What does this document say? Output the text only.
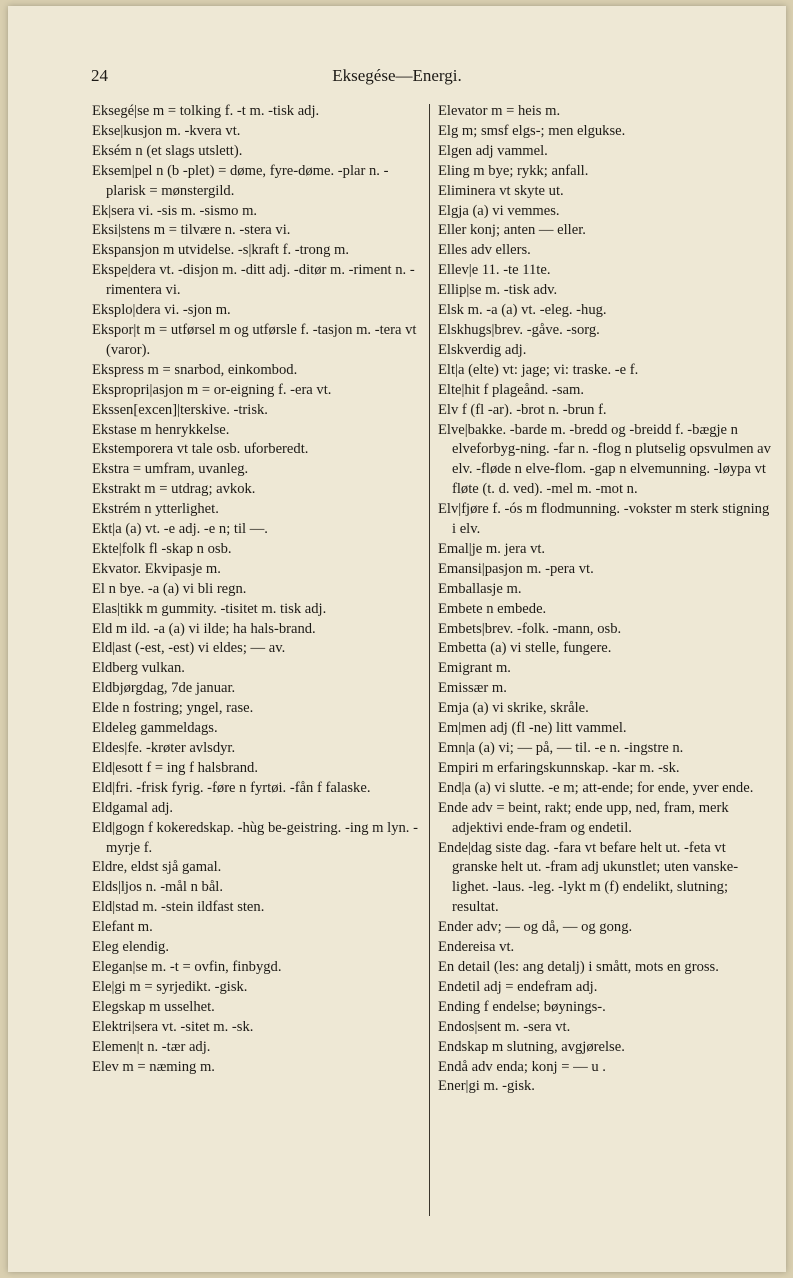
24	Eksegése—Energi.

Eksegé|se m = tolking f. -t m. -tisk adj.

Ekse|kusjon m. -kvera vt.

Eksém n (et slags utslett).

Eksem|pel n (b -plet) = døme, fyre-døme. -plar n. -plarisk = mønstergild.

Ek|sera vi. -sis m. -sismo m.

Eksi|stens m = tilvære n. -stera vi.

Ekspansjon m utvidelse. -s|kraft f. -trong m.

Ekspe|dera vt. -disjon m. -ditt adj. -ditør m. -riment n. -rimentera vi.

Eksplo|dera vi. -sjon m.

Ekspor|t m = utførsel m og utførsle f. -tasjon m. -tera vt (varor).

Ekspress m = snarbod, einkombod.

Ekspropri|asjon m = or-eigning f. -era vt.

Ekssen[excen]|terskive. -trisk.

Ekstase m henrykkelse.

Ekstemporera vt tale osb. uforberedt.

Ekstra = umfram, uvanleg.

Ekstrakt m = utdrag; avkok.

Ekstrém n ytterlighet.

Ekt|a (a) vt. -e adj. -e n; til —.

Ekte|folk fl -skap n osb.

Ekvator. Ekvipasje m.

El n bye. -a (a) vi bli regn.

Elas|tikk m gummity. -tisitet m. tisk adj.

Eld m ild. -a (a) vi ilde; ha hals-brand.

Eld|ast (-est, -est) vi eldes; — av.

Eldberg vulkan.

Eldbjørgdag, 7de januar.

Elde n fostring; yngel, rase.

Eldeleg gammeldags.

Eldes|fe. -krøter avlsdyr.

Eld|esott f = ing f halsbrand.

Eld|fri. -frisk fyrig. -føre n fyrtøi. -fån f falaske.

Eldgamal adj.

Eld|gogn f kokeredskap. -hùg be-geistring. -ing m lyn. -myrje f.

Eldre, eldst sjå gamal.

Elds|ljos n. -mål n bål.

Eld|stad m. -stein ildfast sten.

Elefant m.

Eleg elendig.

Elegan|se m. -t = ovfin, finbygd.

Ele|gi m = syrjedikt. -gisk.

Elegskap m usselhet.

Elektri|sera vt. -sitet m. -sk.

Elemen|t n. -tær adj.

Elev m = næming m.

Elevator m = heis m.

Elg m; smsf elgs-; men elgukse.

Elgen adj vammel.

Eling m bye; rykk; anfall.

Eliminera vt skyte ut.

Elgja (a) vi vemmes.

Eller konj; anten — eller.

Elles adv ellers.

Ellev|e 11. -te 11te.

Ellip|se m. -tisk adv.

Elsk m. -a (a) vt. -eleg. -hug.

Elskhugs|brev. -gåve. -sorg.

Elskverdig adj.

Elt|a (elte) vt: jage; vi: traske. -e f.

Elte|hit f plageånd. -sam.

Elv f (fl -ar). -brot n. -brun f.

Elve|bakke. -barde m. -bredd og -breidd f. -bægje n elveforbyg-ning. -far n. -flog n plutselig opsvulmen av elv. -fløde n elve-flom. -gap n elvemunning. -løypa vt fløte (t. d. ved). -mel m. -mot n.

Elv|fjøre f. -ós m flodmunning. -vokster m sterk stigning i elv.

Emal|je m. jera vt.

Emansi|pasjon m. -pera vt.

Emballasje m.

Embete n embede.

Embets|brev. -folk. -mann, osb.

Embetta (a) vi stelle, fungere.

Emigrant m.

Emissær m.

Emja (a) vi skrike, skråle.

Em|men adj (fl -ne) litt vammel.

Emn|a (a) vi; — på, — til. -e n. -ingstre n.

Empiri m erfaringskunnskap. -kar m. -sk.

End|a (a) vi slutte. -e m; att-ende; for ende, yver ende.

Ende adv = beint, rakt; ende upp, ned, fram, merk adjektivi ende-fram og endetil.

Ende|dag siste dag. -fara vt befare helt ut. -feta vt granske helt ut. -fram adj ukunstlet; uten vanske-lighet. -laus. -leg. -lykt m (f) endelikt, slutning; resultat.

Ender adv; — og då, — og gong.

Endereisa vt.

En detail (les: ang detalj) i smått, mots en gross.

Endetil adj = endefram adj.

Ending f endelse; bøynings-.

Endos|sent m. -sera vt.

Endskap m slutning, avgjørelse.

Endå adv enda; konj = — u .

Ener|gi m. -gisk.
